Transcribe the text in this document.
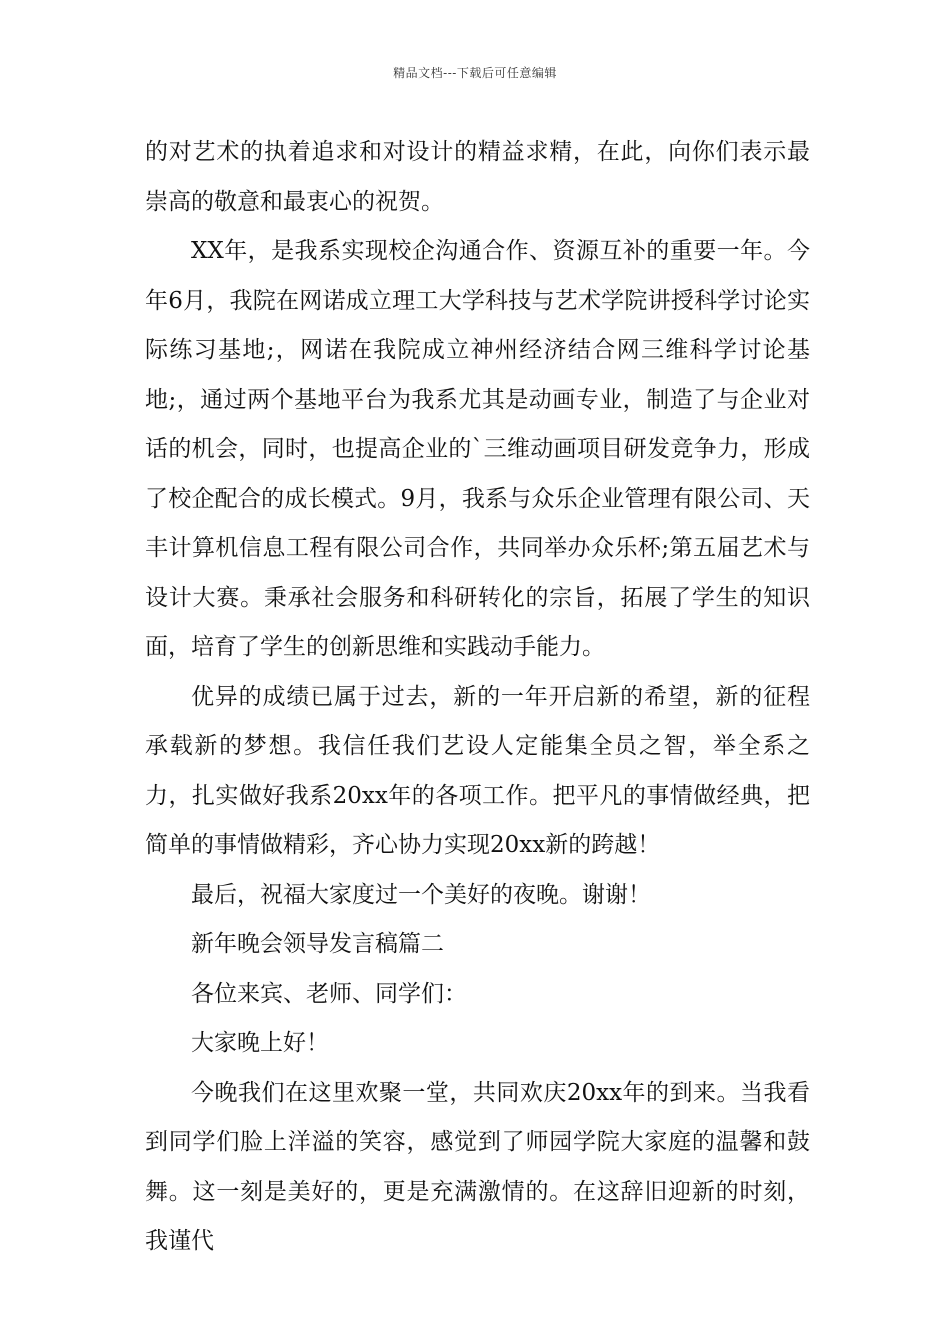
精品文档---下载后可任意编辑

的对艺术的执着追求和对设计的精益求精，在此，向你们表示最崇高的敬意和最衷心的祝贺。

XX年，是我系实现校企沟通合作、资源互补的重要一年。今年6月，我院在网诺成立理工大学科技与艺术学院讲授科学讨论实际练习基地;，网诺在我院成立神州经济结合网三维科学讨论基地;，通过两个基地平台为我系尤其是动画专业，制造了与企业对话的机会，同时，也提高企业的`三维动画项目研发竞争力，形成了校企配合的成长模式。9月，我系与众乐企业管理有限公司、天丰计算机信息工程有限公司合作，共同举办众乐杯;第五届艺术与设计大赛。秉承社会服务和科研转化的宗旨，拓展了学生的知识面，培育了学生的创新思维和实践动手能力。

优异的成绩已属于过去，新的一年开启新的希望，新的征程承载新的梦想。我信任我们艺设人定能集全员之智，举全系之力，扎实做好我系20xx年的各项工作。把平凡的事情做经典，把简单的事情做精彩，齐心协力实现20xx新的跨越！

最后，祝福大家度过一个美好的夜晚。谢谢！

新年晚会领导发言稿篇二

各位来宾、老师、同学们：

大家晚上好！

今晚我们在这里欢聚一堂，共同欢庆20xx年的到来。当我看到同学们脸上洋溢的笑容，感觉到了师园学院大家庭的温馨和鼓舞。这一刻是美好的，更是充满激情的。在这辞旧迎新的时刻，我谨代
